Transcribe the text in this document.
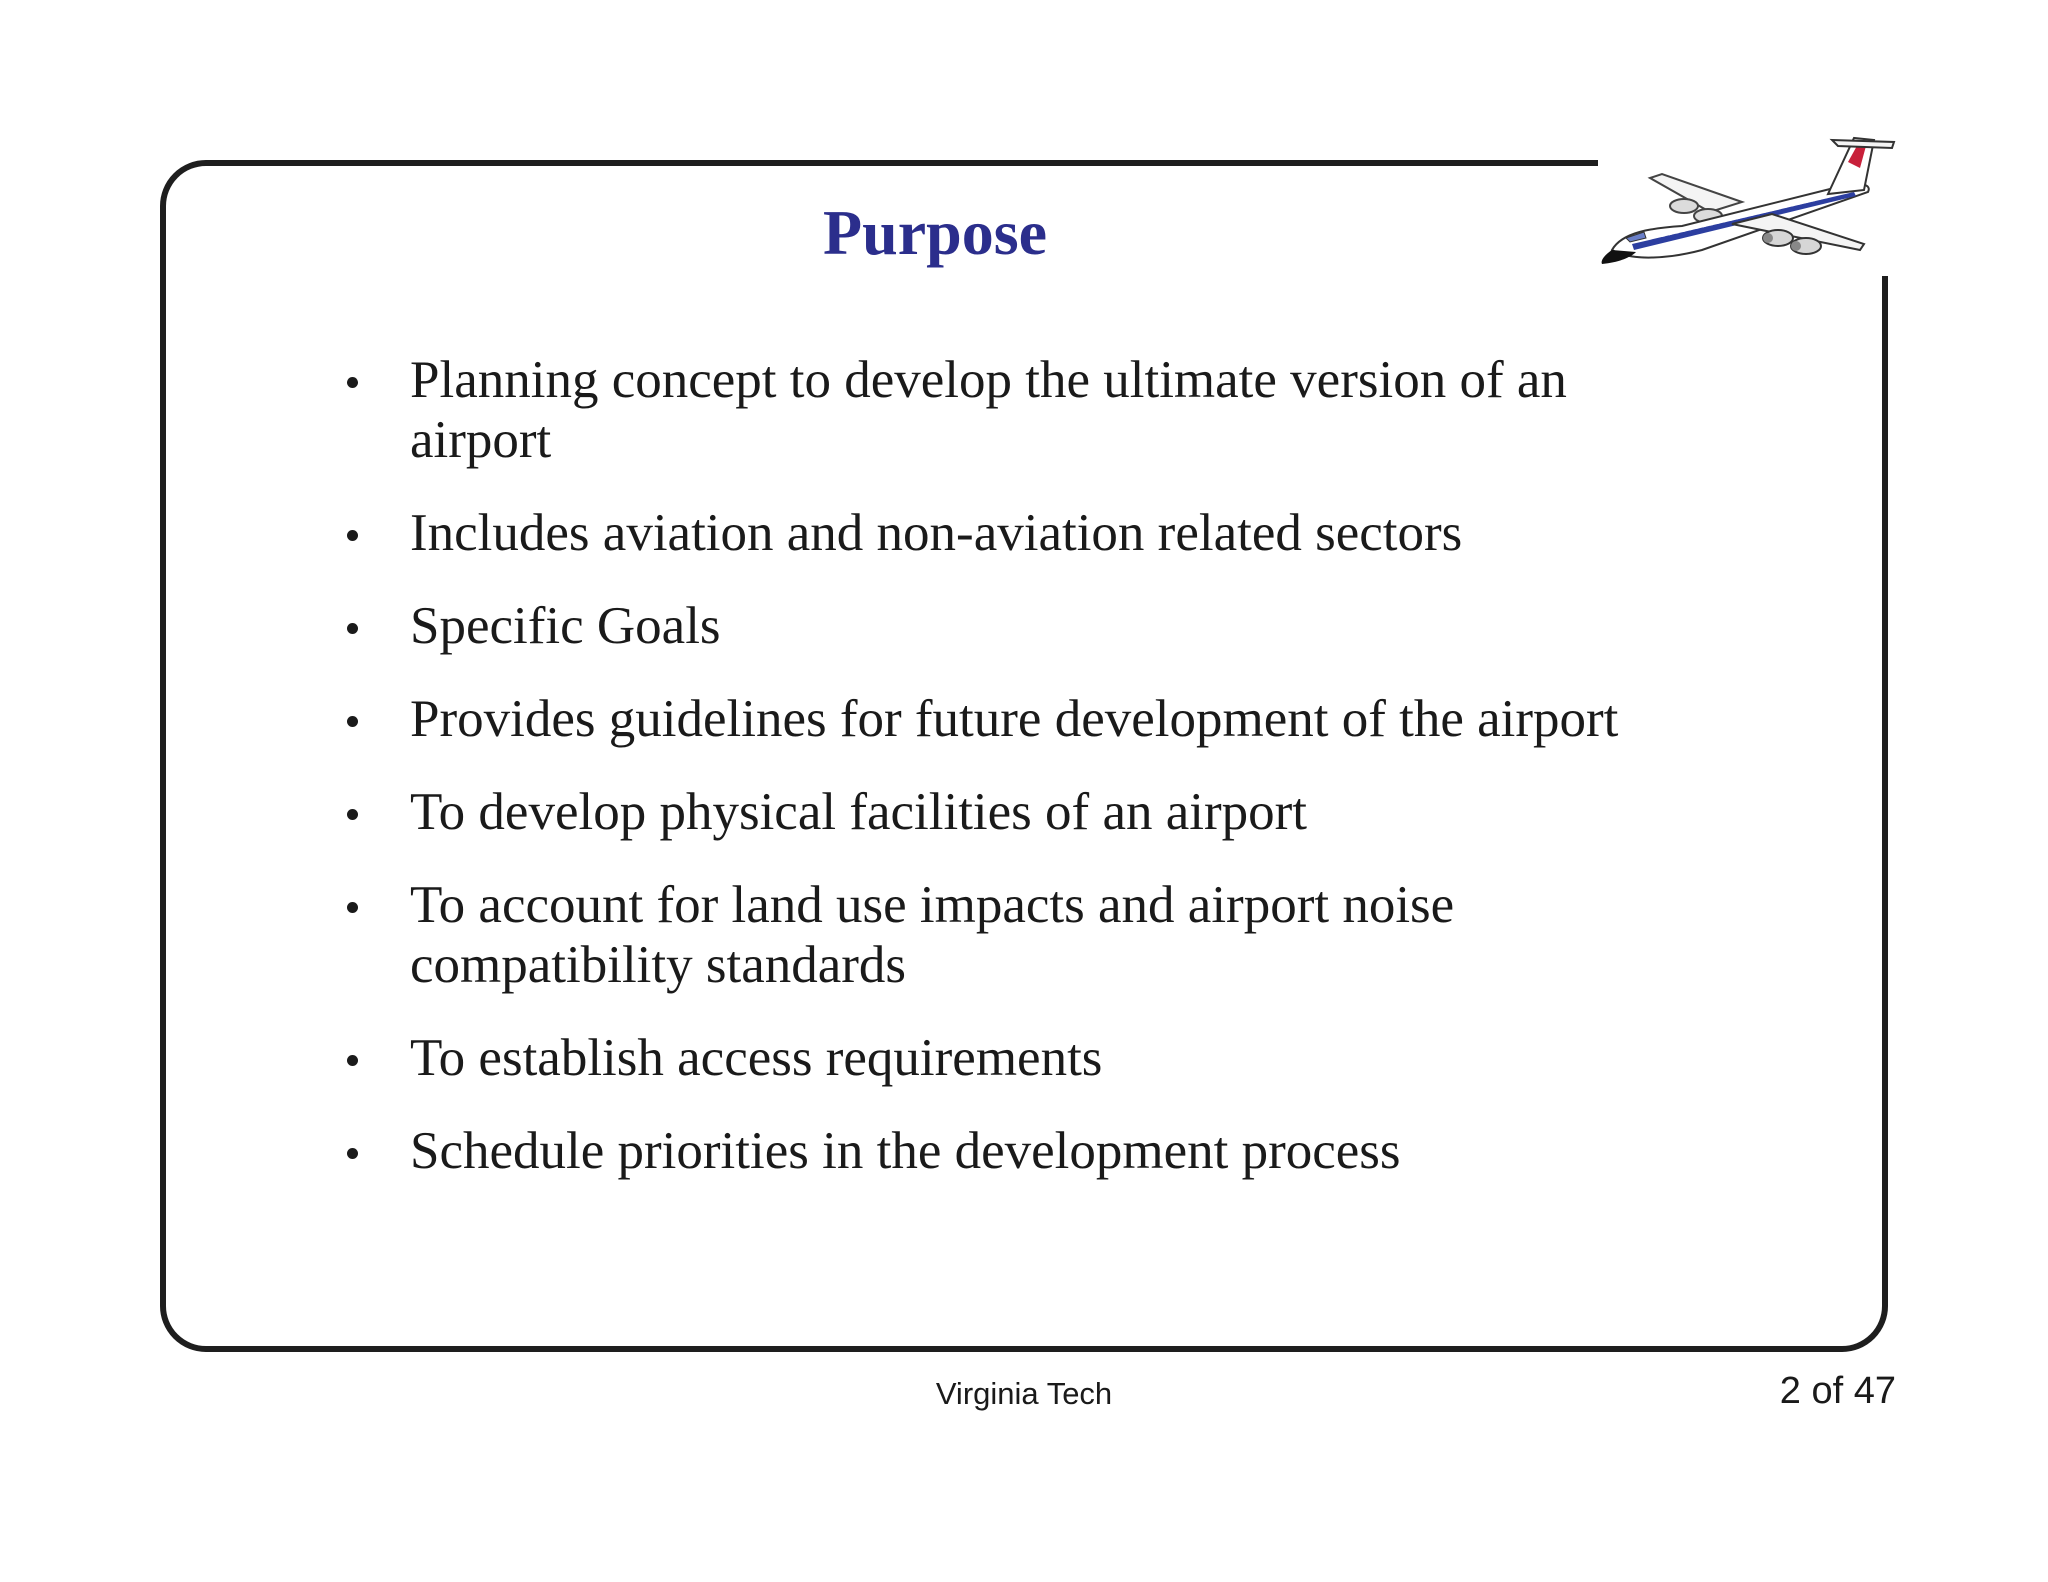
Purpose
Planning concept to develop the ultimate version of an
airport
Includes aviation and non-aviation related sectors
Specific Goals
Provides guidelines for future development of the airport
To develop physical facilities of an airport
To account for land use impacts and airport noise
compatibility standards
To establish access requirements
Schedule priorities in the development process
Virginia Tech	2 of 47
